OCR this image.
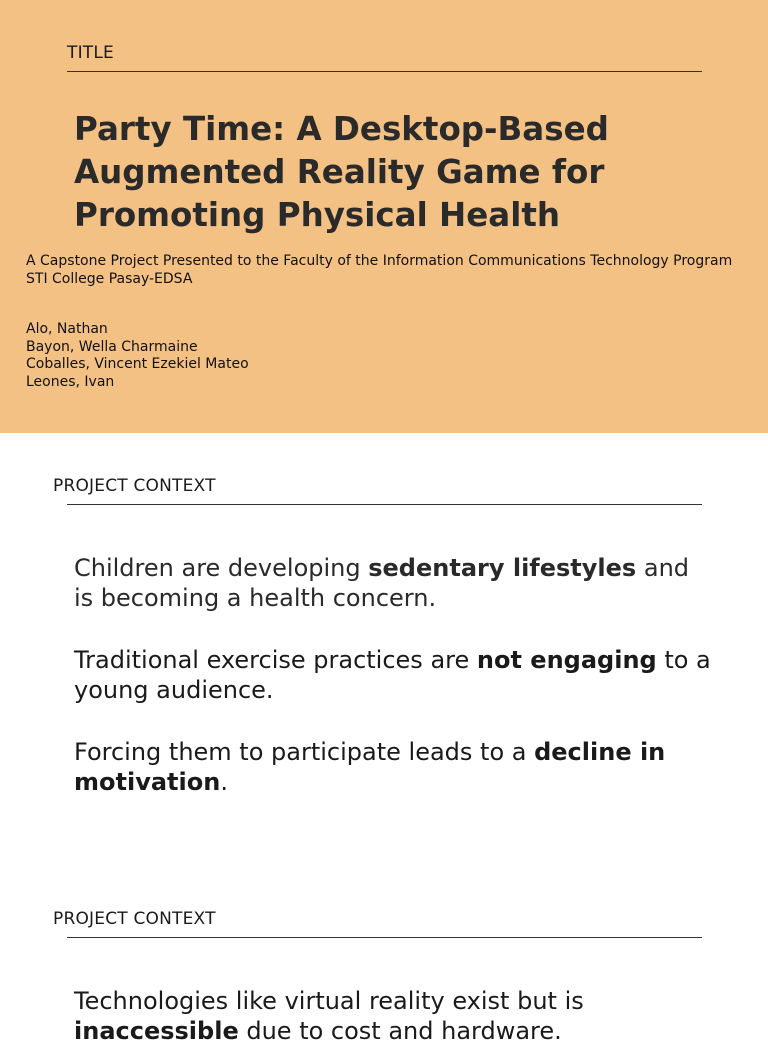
TITLE
Party Time: A Desktop-Based
Augmented Reality Game for
Promoting Physical Health
A Capstone Project Presented to the Faculty of the Information Communications Technology Program
STI College Pasay-EDSA
Alo, Nathan
Bayon, Wella Charmaine
Coballes, Vincent Ezekiel Mateo
Leones, Ivan
PROJECT CONTEXT

Children are developing sedentary lifestyles and is becoming a health concern.

Traditional exercise practices are not engaging to a young audience.

Forcing them to participate leads to a decline in motivation.

PROJECT CONTEXT

Technologies like virtual reality exist but is inaccessible due to cost and hardware.
